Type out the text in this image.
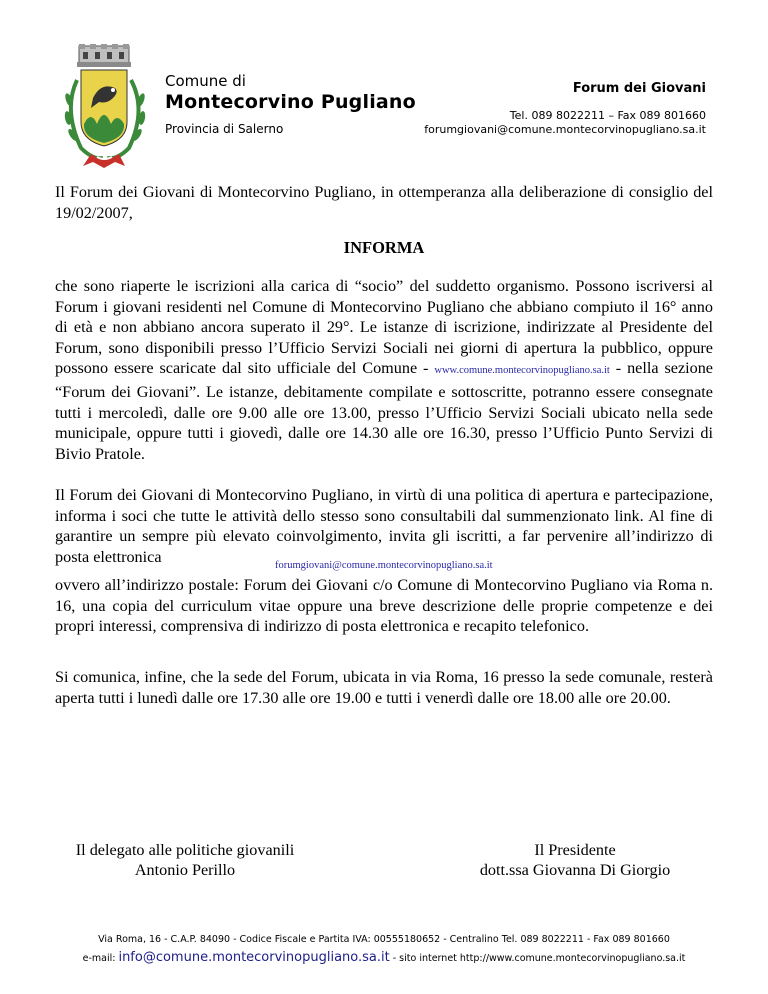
Comune di
Montecorvino Pugliano
Provincia di Salerno
Forum dei Giovani
Tel. 089 8022211 – Fax 089 801660
forumgiovani@comune.montecorvinopugliano.sa.it
Il Forum dei Giovani di Montecorvino Pugliano, in ottemperanza alla deliberazione di consiglio del 19/02/2007,
INFORMA
che sono riaperte le iscrizioni alla carica di “socio” del suddetto organismo. Possono iscriversi al Forum i giovani residenti nel Comune di Montecorvino Pugliano che abbiano compiuto il 16° anno di età e non abbiano ancora superato il 29°. Le istanze di iscrizione, indirizzate al Presidente del Forum, sono disponibili presso l’Ufficio Servizi Sociali nei giorni di apertura la pubblico, oppure possono essere scaricate dal sito ufficiale del Comune - www.comune.montecorvinopugliano.sa.it - nella sezione “Forum dei Giovani”. Le istanze, debitamente compilate e sottoscritte, potranno essere consegnate tutti i mercoledì, dalle ore 9.00 alle ore 13.00, presso l’Ufficio Servizi Sociali ubicato nella sede municipale, oppure tutti i giovedì, dalle ore 14.30 alle ore 16.30, presso l’Ufficio Punto Servizi di Bivio Pratole.
Il Forum dei Giovani di Montecorvino Pugliano, in virtù di una politica di apertura e partecipazione, informa i soci che tutte le attività dello stesso sono consultabili dal summenzionato link. Al fine di garantire un sempre più elevato coinvolgimento, invita gli iscritti, a far pervenire all’indirizzo di posta elettronica	forumgiovani@comune.montecorvinopugliano.sa.it
ovvero all’indirizzo postale: Forum dei Giovani c/o Comune di Montecorvino Pugliano via Roma n. 16, una copia del curriculum vitae oppure una breve descrizione delle proprie competenze e dei propri interessi, comprensiva di indirizzo di posta elettronica e recapito telefonico.
Si comunica, infine, che la sede del Forum, ubicata in via Roma, 16 presso la sede comunale, resterà aperta tutti i lunedì dalle ore 17.30 alle ore 19.00 e tutti i venerdì dalle ore 18.00 alle ore 20.00.
Il delegato alle politiche giovanili
Antonio Perillo
Il Presidente
dott.ssa Giovanna Di Giorgio
Via Roma, 16 - C.A.P. 84090 - Codice Fiscale e Partita IVA: 00555180652 - Centralino Tel. 089 8022211 - Fax 089 801660
e-mail: info@comune.montecorvinopugliano.sa.it - sito internet http://www.comune.montecorvinopugliano.sa.it
